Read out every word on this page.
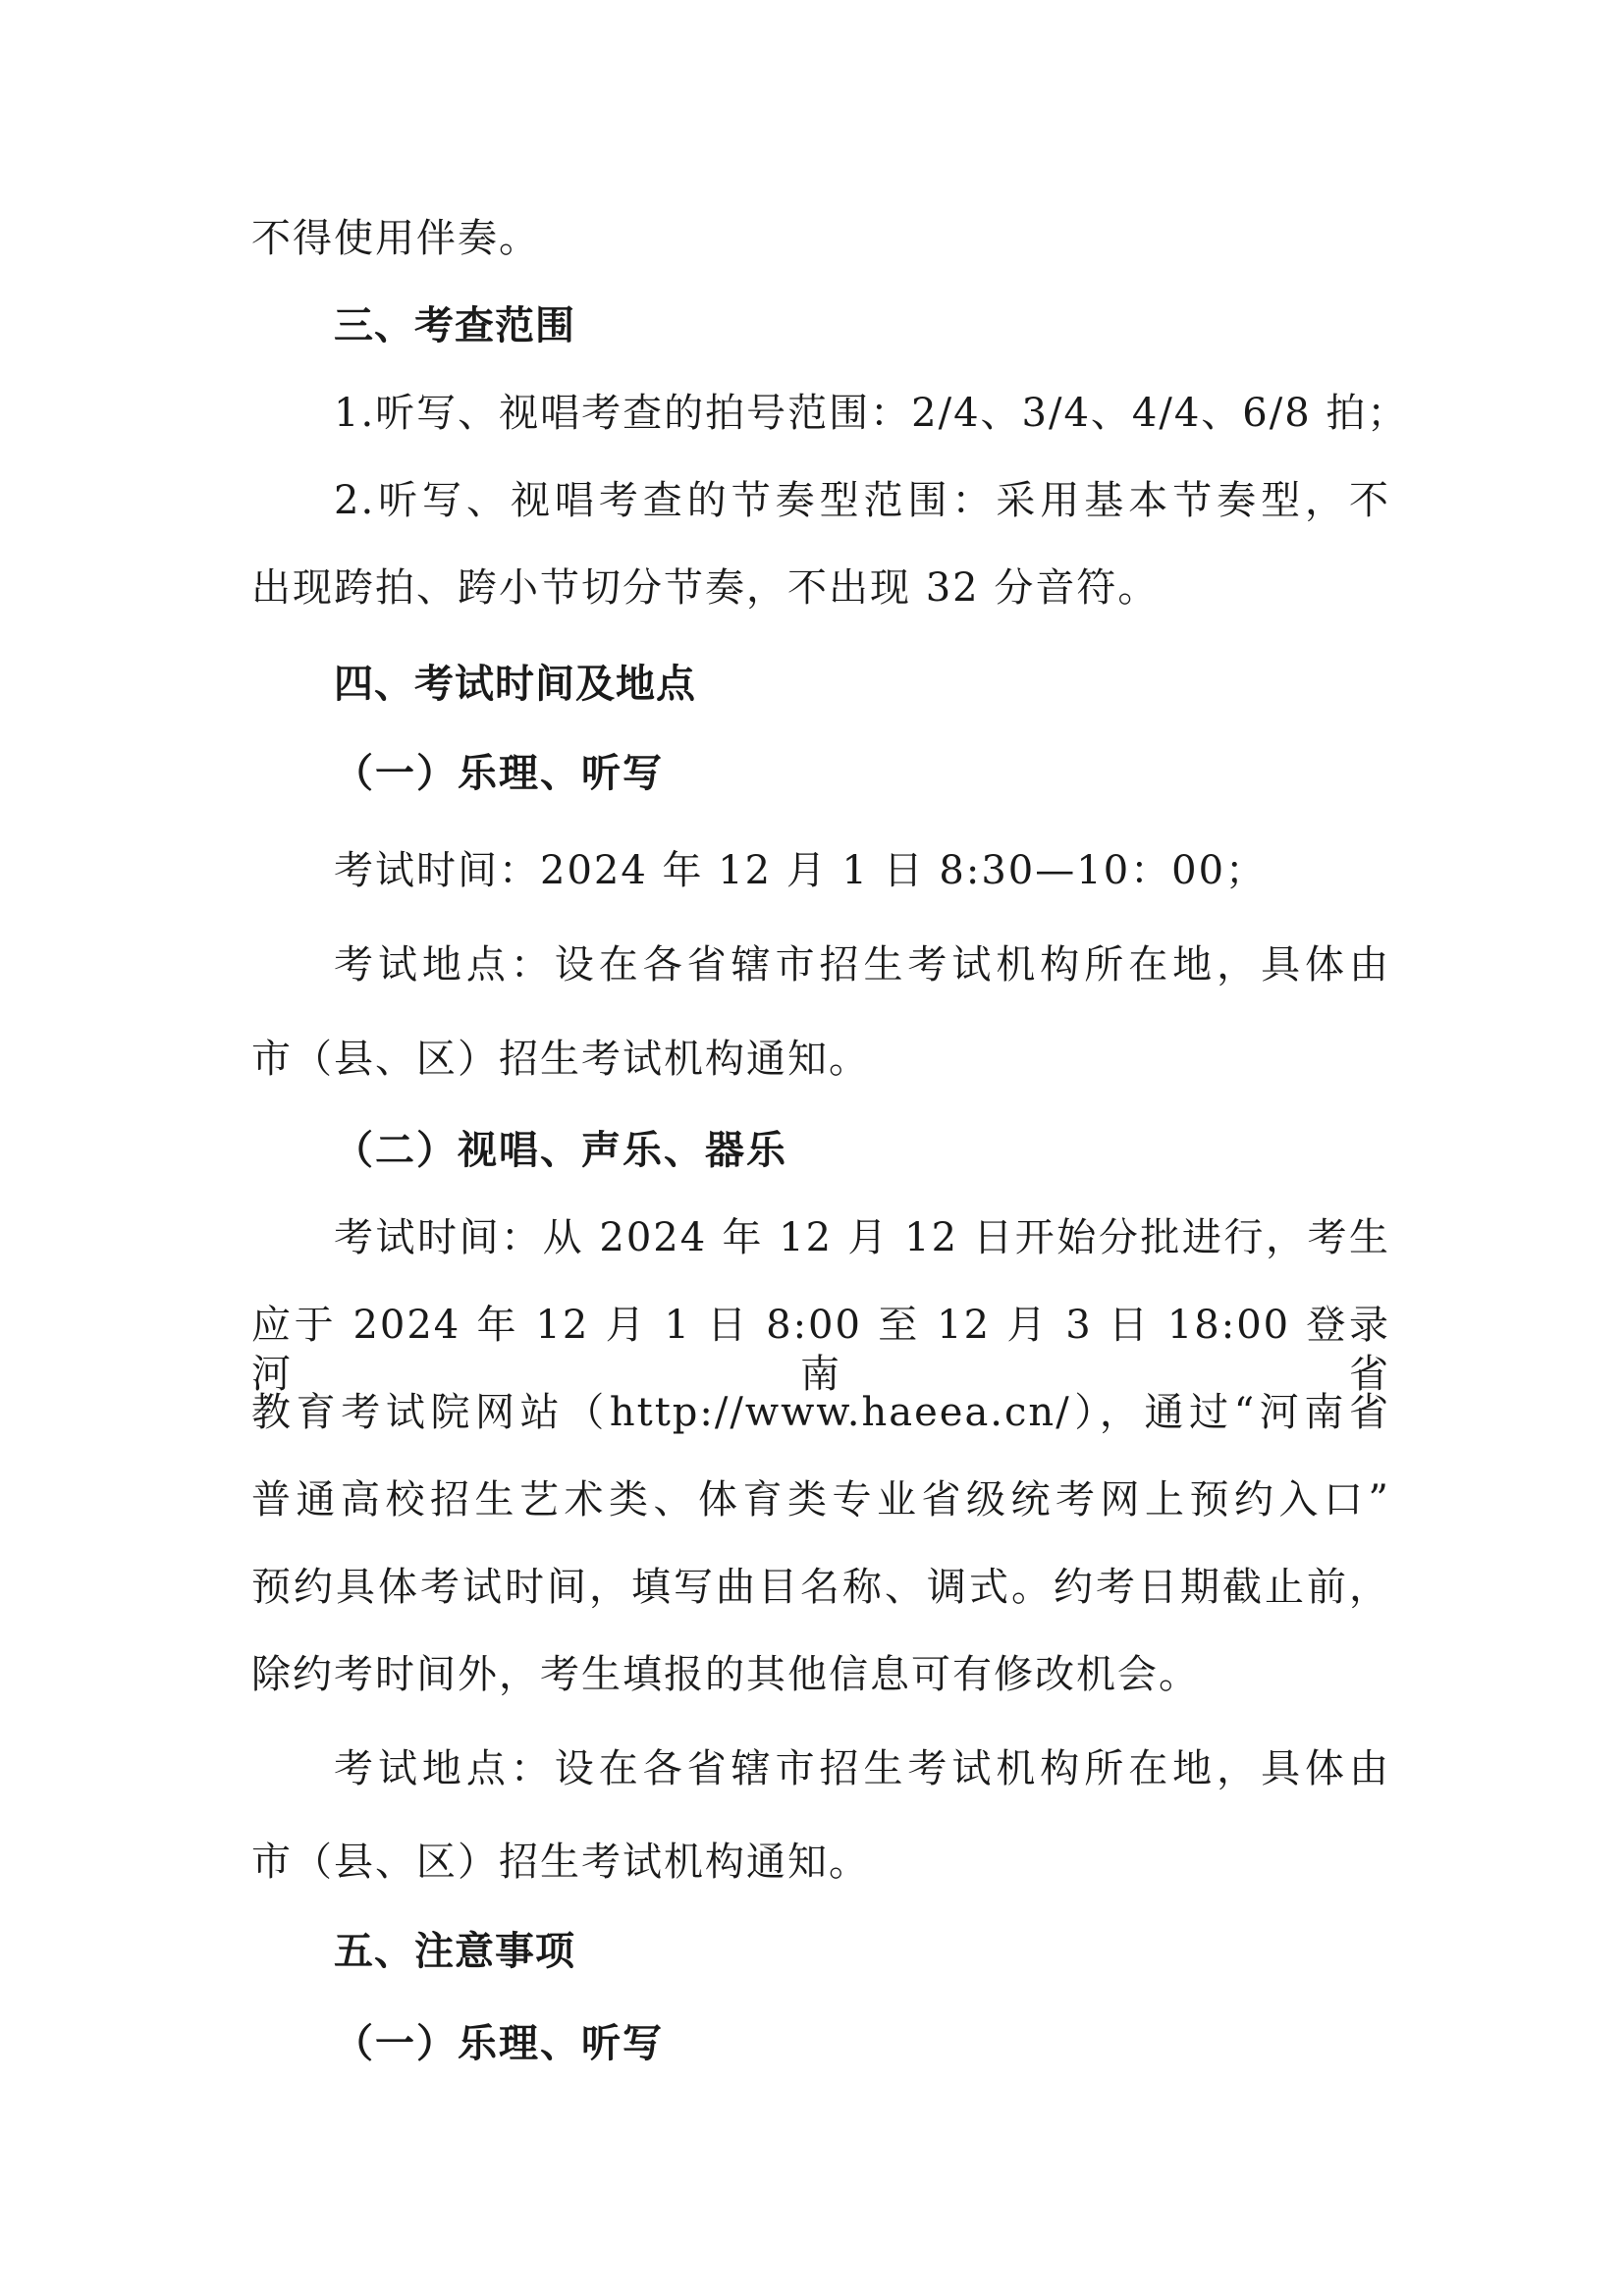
不得使用伴奏。
三、考查范围
1.听写、视唱考查的拍号范围：2/4、3/4、4/4、6/8 拍；
2.听写、视唱考查的节奏型范围：采用基本节奏型，不
出现跨拍、跨小节切分节奏，不出现 32 分音符。
四、考试时间及地点
（一）乐理、听写
考试时间：2024 年 12 月 1 日 8:30—10：00；
考试地点：设在各省辖市招生考试机构所在地，具体由
市（县、区）招生考试机构通知。
（二）视唱、声乐、器乐
考试时间：从 2024 年 12 月 12 日开始分批进行，考生
应于 2024 年 12 月 1 日 8:00 至 12 月 3 日 18:00 登录河南省
教育考试院网站（http://www.haeea.cn/），通过“河南省
普通高校招生艺术类、体育类专业省级统考网上预约入口”
预约具体考试时间，填写曲目名称、调式。约考日期截止前，
除约考时间外，考生填报的其他信息可有修改机会。
考试地点：设在各省辖市招生考试机构所在地，具体由
市（县、区）招生考试机构通知。
五、注意事项
（一）乐理、听写
